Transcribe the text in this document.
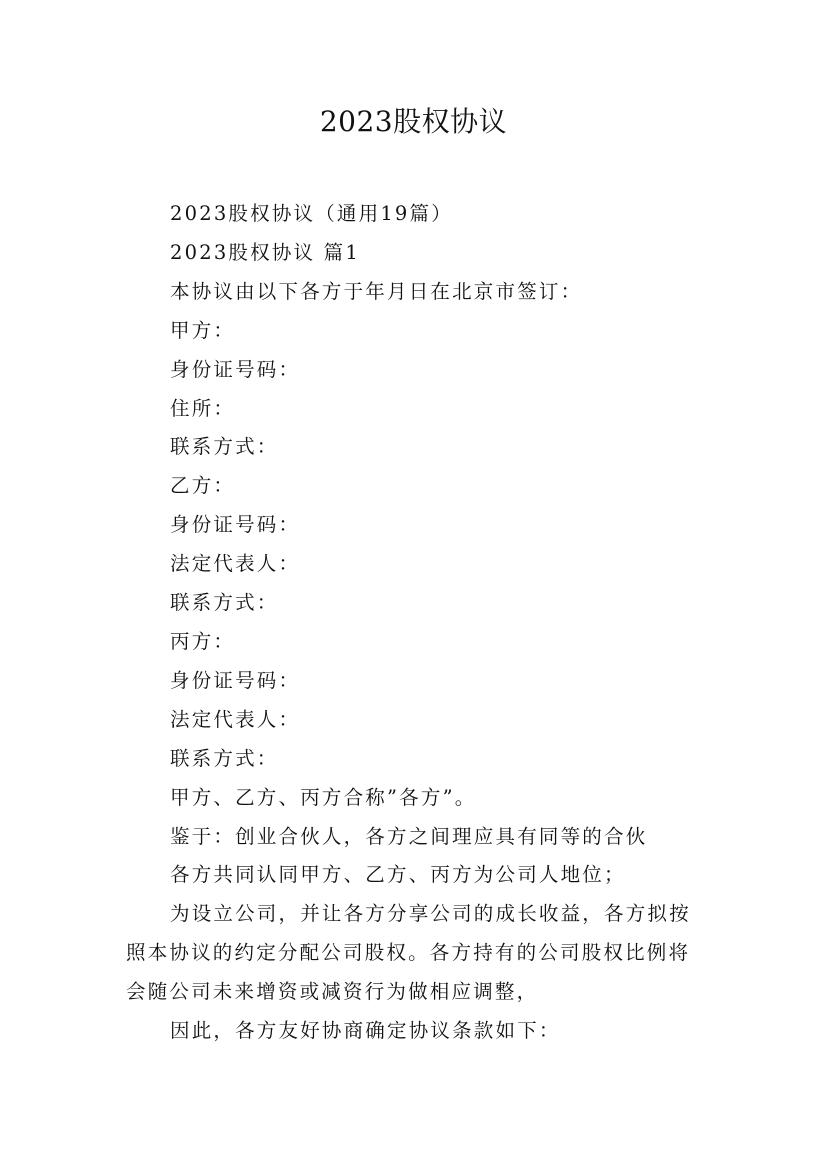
2023股权协议
2023股权协议（通用19篇）
2023股权协议 篇1
本协议由以下各方于年月日在北京市签订：
甲方：
身份证号码：
住所：
联系方式：
乙方：
身份证号码：
法定代表人：
联系方式：
丙方：
身份证号码：
法定代表人：
联系方式：
甲方、乙方、丙方合称”各方”。
鉴于：创业合伙人，各方之间理应具有同等的合伙
各方共同认同甲方、乙方、丙方为公司人地位；
为设立公司，并让各方分享公司的成长收益，各方拟按
照本协议的约定分配公司股权。各方持有的公司股权比例将
会随公司未来增资或减资行为做相应调整，
因此，各方友好协商确定协议条款如下：
